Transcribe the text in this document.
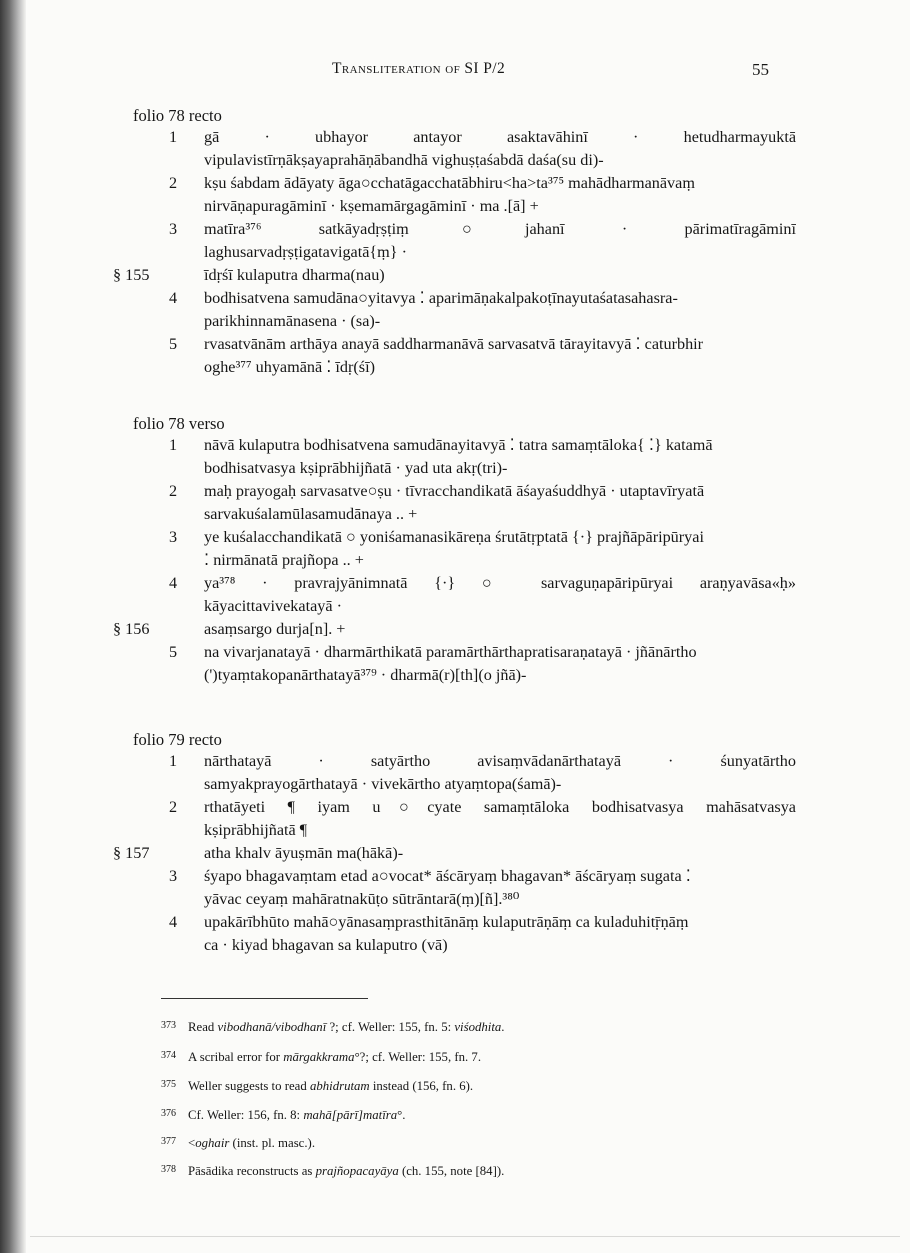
Transliteration of SI P/2	55
folio 78 recto
1 gā · ubhayor antayor asaktavāhinī · hetudharmayuktā
vipulavistīrṇākṣayaprahāṇābandhā vighuṣṭaśabdā daśa(su di)-
2 kṣu śabdam ādāyaty āga○cchatāgacchatābhiru<ha>ta³⁷⁵ mahādharmanāvaṃ
nirvāṇapuragāminī · kṣemamārgagāminī · ma .[ā] +
3 matīra³⁷⁶ satkāyadṛṣṭiṃ○jahanī · pārimatīragāminī
laghusarvadṛṣṭigatavigatā{ṃ} ·
§ 155	īdṛśī kulaputra dharma(nau)
4 bodhisatvena samudāna○yitavya ⁚ aparimāṇakalpakoṭīnayutaśatasahasra-
parikhinnamānasena · (sa)-
5 rvasatvānām arthāya anayā saddharmanāvā sarvasatvā tārayitavyā ⁚ caturbhir
oghe³⁷⁷ uhyamānā ⁚ īdṛ(śī)
folio 78 verso
1 nāvā kulaputra bodhisatvena samudānayitavyā ⁚ tatra samaṃtāloka{ ⁚} katamā
bodhisatvasya kṣiprābhijñatā · yad uta akṛ(tri)-
2 maḥ prayogaḥ sarvasatve○ṣu · tīvracchandikatā āśayaśuddhyā · utaptavīryatā
sarvakuśalamūlasamudānaya .. +
3 ye kuśalacchandikatā ○ yoniśamanasikāreṇa śrutātṛptatā {·} prajñāpāripūryai
⁚ nirmānatā prajñopa .. +
4 ya³⁷⁸ · pravrajyānimnatā {·} ○ sarvaguṇapāripūryai araṇyavāsa«ḥ»
kāyacittavivekatayā ·
§ 156	asaṃsargo durja[n]. +
5 na vivarjanatayā · dharmārthikatā paramārthārthapratisaraṇatayā · jñānārtho
(')tyaṃtakopanārthatayā³⁷⁹ · dharmā(r)[th](o jñā)-
folio 79 recto
1 nārthatayā · satyārtho avisaṃvādanārthatayā · śunyatārtho
samyakprayogārthatayā · vivekārtho atyaṃtopa(śamā)-
2 rthatāyeti ¶ iyam u○cyate samaṃtāloka bodhisatvasya mahāsatvasya
kṣiprābhijñatā ¶
§ 157	atha khalv āyuṣmān ma(hākā)-
3 śyapo bhagavaṃtam etad a○vocat* āścāryaṃ bhagavan* āścāryaṃ sugata ⁚
yāvac ceyaṃ mahāratnakūṭo sūtrāntarā(ṃ)[ñ].³⁸⁰
4 upakārībhūto mahā○yānasaṃprasthitānāṃ kulaputrāṇāṃ ca kuladuhitṝṇāṃ
ca · kiyad bhagavan sa kulaputro (vā)
373 Read vibodhanā/vibodhanī ?; cf. Weller: 155, fn. 5: viśodhita.
374 A scribal error for mārgakkrama°?; cf. Weller: 155, fn. 7.
375 Weller suggests to read abhidrutam instead (156, fn. 6).
376 Cf. Weller: 156, fn. 8: mahā[pārī]matīra°.
377 <oghair (inst. pl. masc.).
378 Pāsādika reconstructs as prajñopacayāya (ch. 155, note [84]).
